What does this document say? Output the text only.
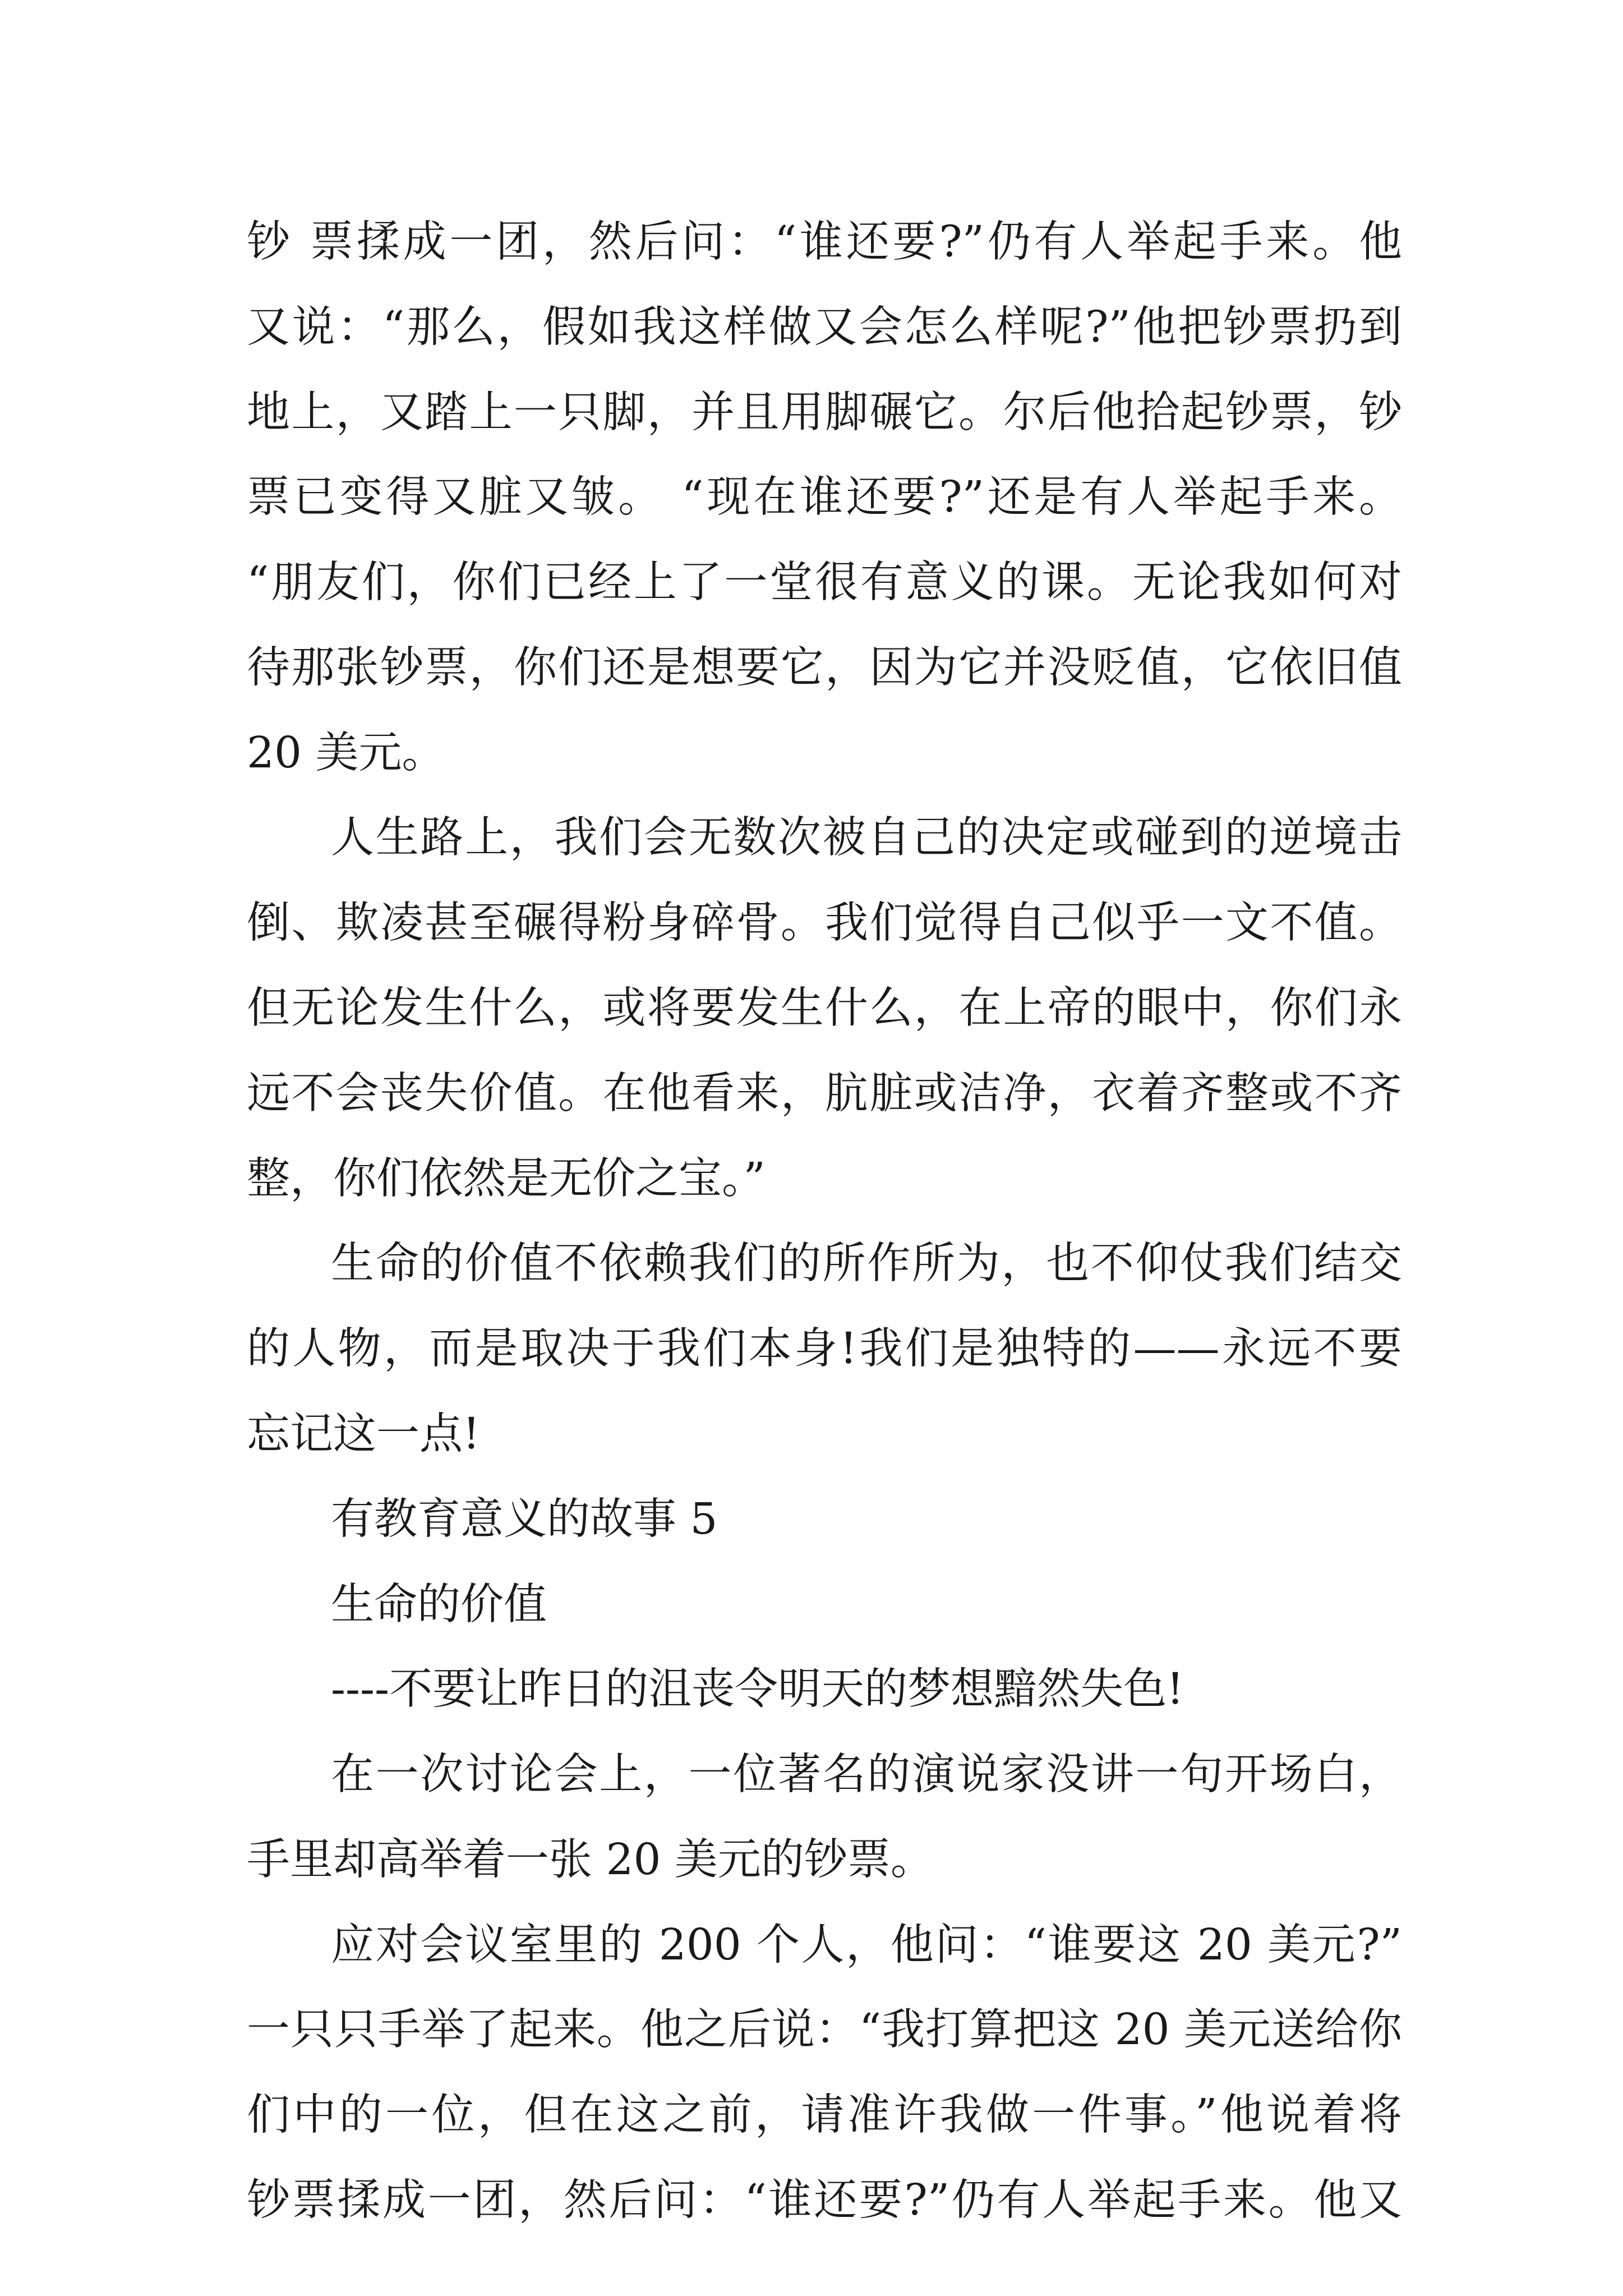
钞 票揉成一团，然后问：“谁还要?”仍有人举起手来。他

又说：“那么，假如我这样做又会怎么样呢?”他把钞票扔到

地上，又踏上一只脚，并且用脚碾它。尔后他拾起钞票，钞

票已变得又脏又皱。 “现在谁还要?”还是有人举起手来。

“朋友们，你们已经上了一堂很有意义的课。无论我如何对

待那张钞票，你们还是想要它，因为它并没贬值，它依旧值

20 美元。

人生路上，我们会无数次被自己的决定或碰到的逆境击

倒、欺凌甚至碾得粉身碎骨。我们觉得自己似乎一文不值。

但无论发生什么，或将要发生什么，在上帝的眼中，你们永

远不会丧失价值。在他看来，肮脏或洁净，衣着齐整或不齐

整，你们依然是无价之宝。”

生命的价值不依赖我们的所作所为，也不仰仗我们结交

的人物，而是取决于我们本身!我们是独特的——永远不要

忘记这一点!

有教育意义的故事 5

生命的价值

----不要让昨日的沮丧令明天的梦想黯然失色!

在一次讨论会上，一位著名的演说家没讲一句开场白，

手里却高举着一张 20 美元的钞票。

应对会议室里的 200 个人，他问：“谁要这 20 美元?”

一只只手举了起来。他之后说：“我打算把这 20 美元送给你

们中的一位，但在这之前，请准许我做一件事。”他说着将

钞票揉成一团，然后问：“谁还要?”仍有人举起手来。他又
